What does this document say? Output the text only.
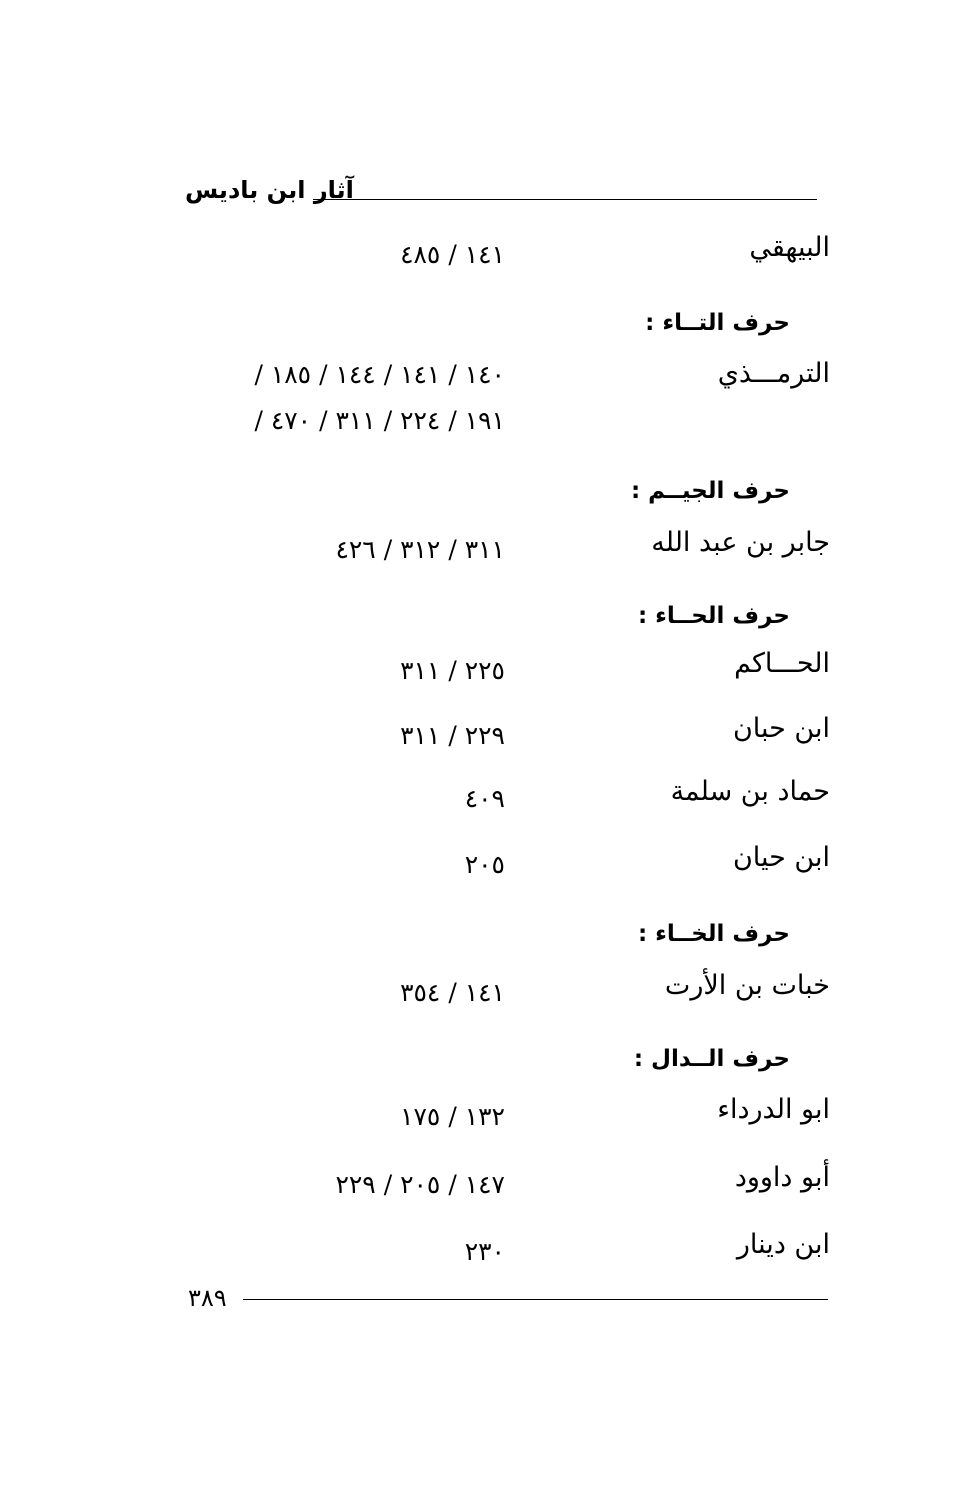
آثار ابن باديس
البيهقي
١٤١ / ٤٨٥
حرف التــاء :
الترمـــذي
١٤٠ / ١٤١ / ١٤٤ / ١٨٥ /
١٩١ / ٢٢٤ / ٣١١ / ٤٧٠ /
حرف الجيــم :
جابر بن عبد الله
٣١١ / ٣١٢ / ٤٢٦
حرف الحــاء :
الحـــاكم
٢٢٥ / ٣١١
ابن حبان
٢٢٩ / ٣١١
حماد بن سلمة
٤٠٩
ابن حيان
٢٠٥
حرف الخــاء :
خبات بن الأرت
١٤١ / ٣٥٤
حرف الــدال :
ابو الدرداء
١٣٢ / ١٧٥
أبو داوود
١٤٧ / ٢٠٥ / ٢٢٩
ابن دينار
٢٣٠
٣٨٩
